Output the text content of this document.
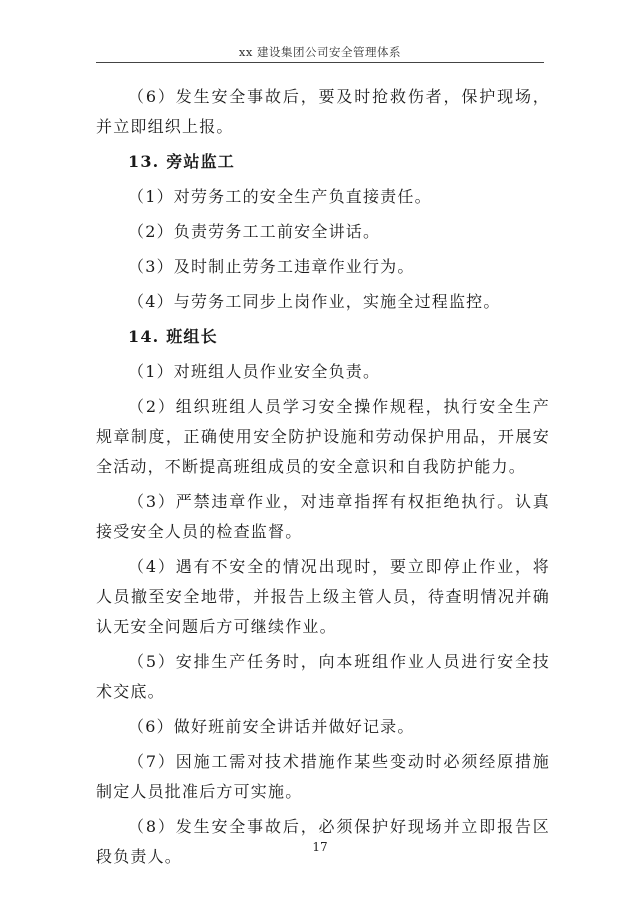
xx 建设集团公司安全管理体系

（6）发生安全事故后，要及时抢救伤者，保护现场，并立即组织上报。

13. 旁站监工

（1）对劳务工的安全生产负直接责任。

（2）负责劳务工工前安全讲话。

（3）及时制止劳务工违章作业行为。

（4）与劳务工同步上岗作业，实施全过程监控。

14. 班组长

（1）对班组人员作业安全负责。

（2）组织班组人员学习安全操作规程，执行安全生产规章制度，正确使用安全防护设施和劳动保护用品，开展安全活动，不断提高班组成员的安全意识和自我防护能力。

（3）严禁违章作业，对违章指挥有权拒绝执行。认真接受安全人员的检查监督。

（4）遇有不安全的情况出现时，要立即停止作业，将人员撤至安全地带，并报告上级主管人员，待查明情况并确认无安全问题后方可继续作业。

（5）安排生产任务时，向本班组作业人员进行安全技术交底。

（6）做好班前安全讲话并做好记录。

（7）因施工需对技术措施作某些变动时必须经原措施制定人员批准后方可实施。

（8）发生安全事故后，必须保护好现场并立即报告区段负责人。	17
